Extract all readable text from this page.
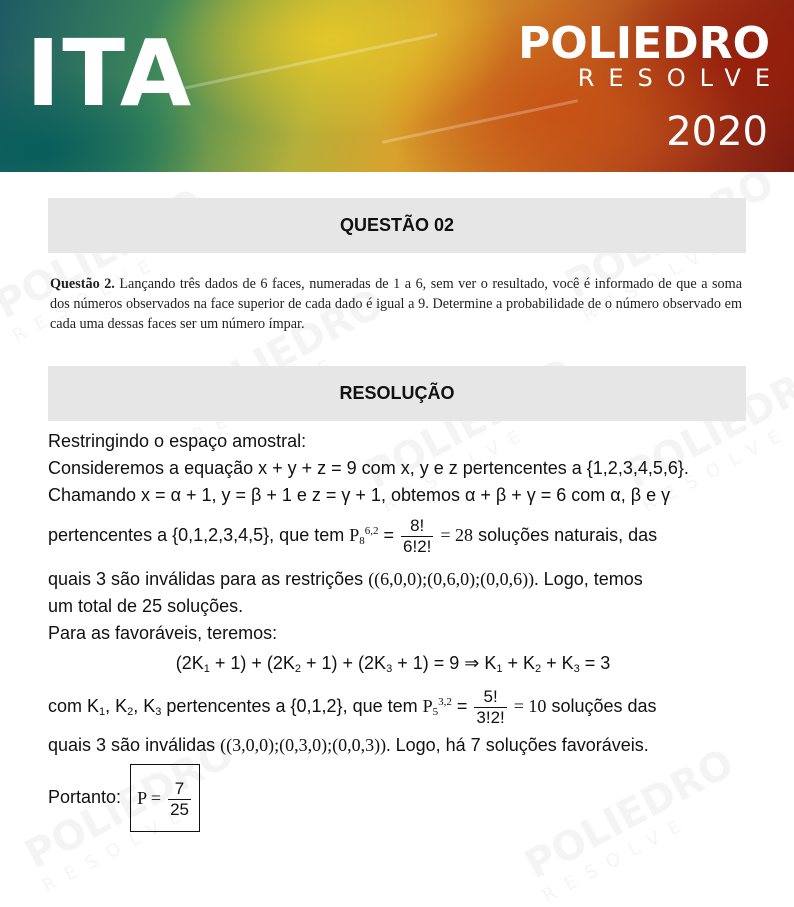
ITA	POLIEDRO
RESOLVE
2020
QUESTÃO 02
Questão 2. Lançando três dados de 6 faces, numeradas de 1 a 6, sem ver o resultado, você é informado de que a soma dos números observados na face superior de cada dado é igual a 9. Determine a probabilidade de o número observado em cada uma dessas faces ser um número ímpar.
RESOLUÇÃO
Restringindo o espaço amostral:
Consideremos a equação x + y + z = 9 com x, y e z pertencentes a {1,2,3,4,5,6}.
Chamando x = α + 1, y = β + 1 e z = γ + 1, obtemos α + β + γ = 6 com α, β e γ
pertencentes a {0,1,2,3,4,5}, que tem $P_8^{6,2} = \frac{8!}{6!2!} = 28$ soluções naturais, das
quais 3 são inválidas para as restrições ((6,0,0);(0,6,0);(0,0,6)). Logo, temos
um total de 25 soluções.
Para as favoráveis, teremos:
$(2K_1 + 1) + (2K_2 + 1) + (2K_3 + 1) = 9$ ⇒ $K_1 + K_2 + K_3 = 3$
com $K_1$, $K_2$, $K_3$ pertencentes a {0,1,2}, que tem $P_5^{3,2} = \frac{5!}{3!2!} = 10$ soluções das
quais 3 são inválidas ((3,0,0);(0,3,0);(0,0,3)). Logo, há 7 soluções favoráveis.
Portanto: $P = \frac{7}{25}$
